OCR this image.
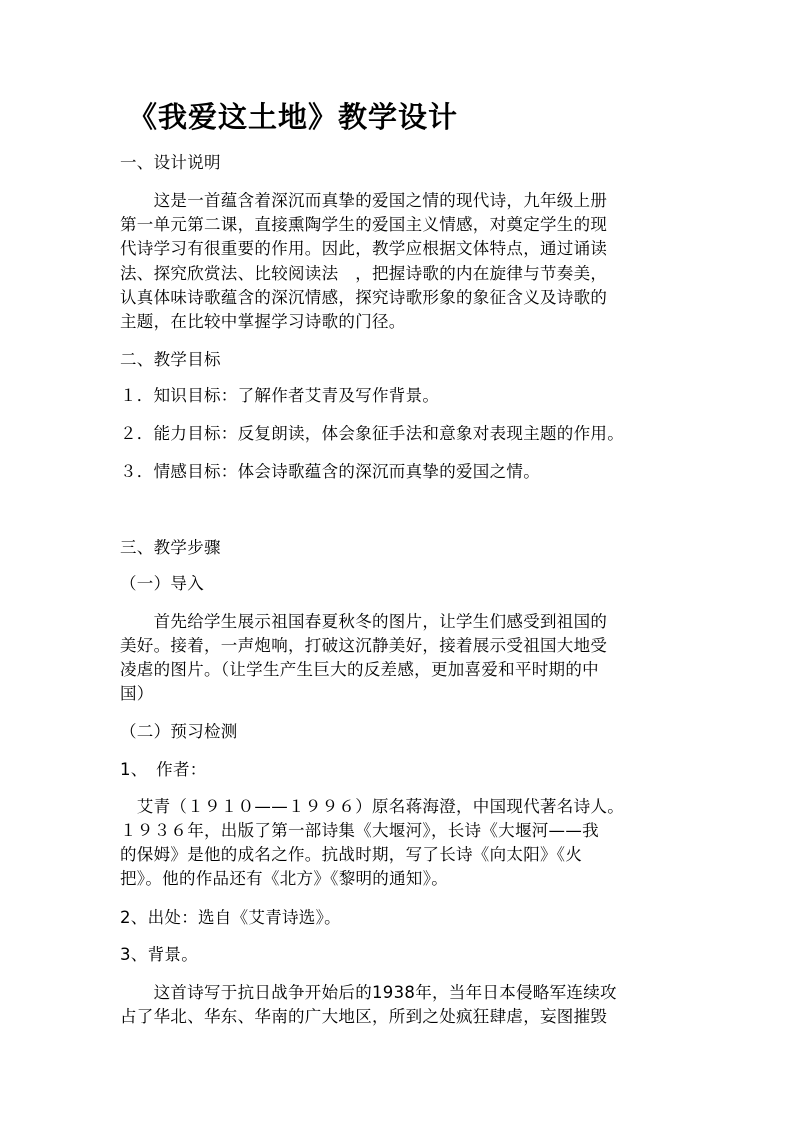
《我爱这土地》教学设计
一、设计说明
　　这是一首蕴含着深沉而真挚的爱国之情的现代诗，九年级上册
第一单元第二课，直接熏陶学生的爱国主义情感，对奠定学生的现
代诗学习有很重要的作用。因此，教学应根据文体特点，通过诵读
法、探究欣赏法、比较阅读法　，把握诗歌的内在旋律与节奏美，
认真体味诗歌蕴含的深沉情感，探究诗歌形象的象征含义及诗歌的
主题，在比较中掌握学习诗歌的门径。
二、教学目标
１．知识目标：了解作者艾青及写作背景。
２．能力目标：反复朗读，体会象征手法和意象对表现主题的作用。
３．情感目标：体会诗歌蕴含的深沉而真挚的爱国之情。
三、教学步骤
（一）导入
　　首先给学生展示祖国春夏秋冬的图片，让学生们感受到祖国的
美好。接着，一声炮响，打破这沉静美好，接着展示受祖国大地受
凌虐的图片。（让学生产生巨大的反差感，更加喜爱和平时期的中
国）
（二）预习检测
1、　作者：
　艾青（１９１０——１９９６）原名蒋海澄，中国现代著名诗人。
１９３６年，出版了第一部诗集《大堰河》，长诗《大堰河——我
的保姆》是他的成名之作。抗战时期，写了长诗《向太阳》《火
把》。他的作品还有《北方》《黎明的通知》。
2、出处：选自《艾青诗选》。
3、背景。
　　这首诗写于抗日战争开始后的1938年，当年日本侵略军连续攻
占了华北、华东、华南的广大地区，所到之处疯狂肆虐，妄图摧毁
